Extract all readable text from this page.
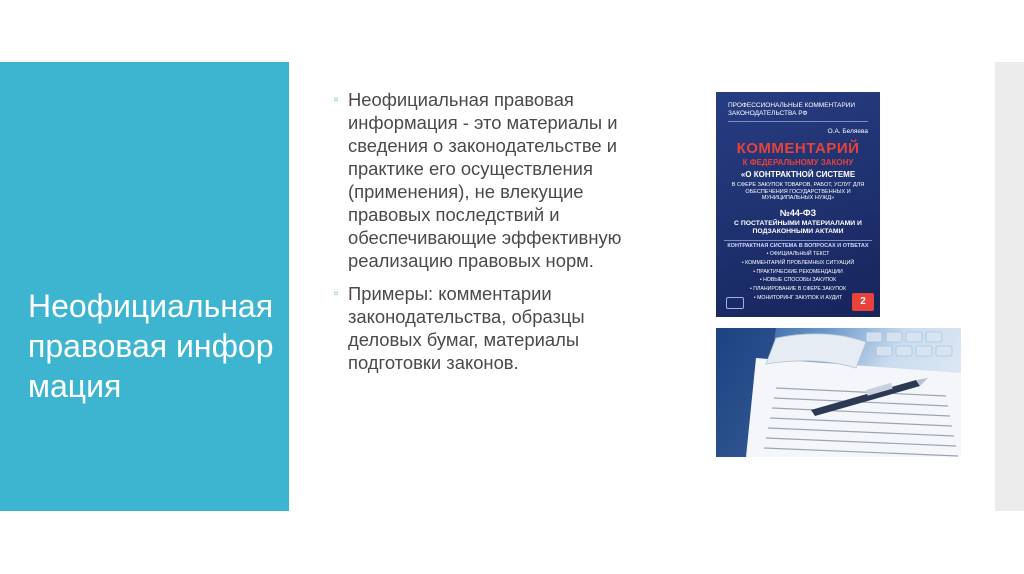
Неофициальная правовая информация
▫ Неофициальная правовая информация - это материалы и сведения о законодательстве и практике его осуществления (применения), не влекущие правовых последствий и обеспечивающие эффективную реализацию правовых норм.
▫ Примеры: комментарии законодательства, образцы деловых бумаг, материалы подготовки законов.
ПРОФЕССИОНАЛЬНЫЕ КОММЕНТАРИИ ЗАКОНОДАТЕЛЬСТВА РФ
О.А. Беляева
КОММЕНТАРИЙ
К ФЕДЕРАЛЬНОМУ ЗАКОНУ
«О КОНТРАКТНОЙ СИСТЕМЕ
В СФЕРЕ ЗАКУПОК ТОВАРОВ, РАБОТ, УСЛУГ ДЛЯ ОБЕСПЕЧЕНИЯ ГОСУДАРСТВЕННЫХ И МУНИЦИПАЛЬНЫХ НУЖД»
№44-ФЗ
С ПОСТАТЕЙНЫМИ МАТЕРИАЛАМИ И ПОДЗАКОННЫМИ АКТАМИ
КОНТРАКТНАЯ СИСТЕМА В ВОПРОСАХ И ОТВЕТАХ
• ОФИЦИАЛЬНЫЙ ТЕКСТ
• КОММЕНТАРИЙ ПРОБЛЕМНЫХ СИТУАЦИЙ
• ПРАКТИЧЕСКИЕ РЕКОМЕНДАЦИИ
• НОВЫЕ СПОСОБЫ ЗАКУПОК
• ПЛАНИРОВАНИЕ В СФЕРЕ ЗАКУПОК
• МОНИТОРИНГ ЗАКУПОК И АУДИТ	2
